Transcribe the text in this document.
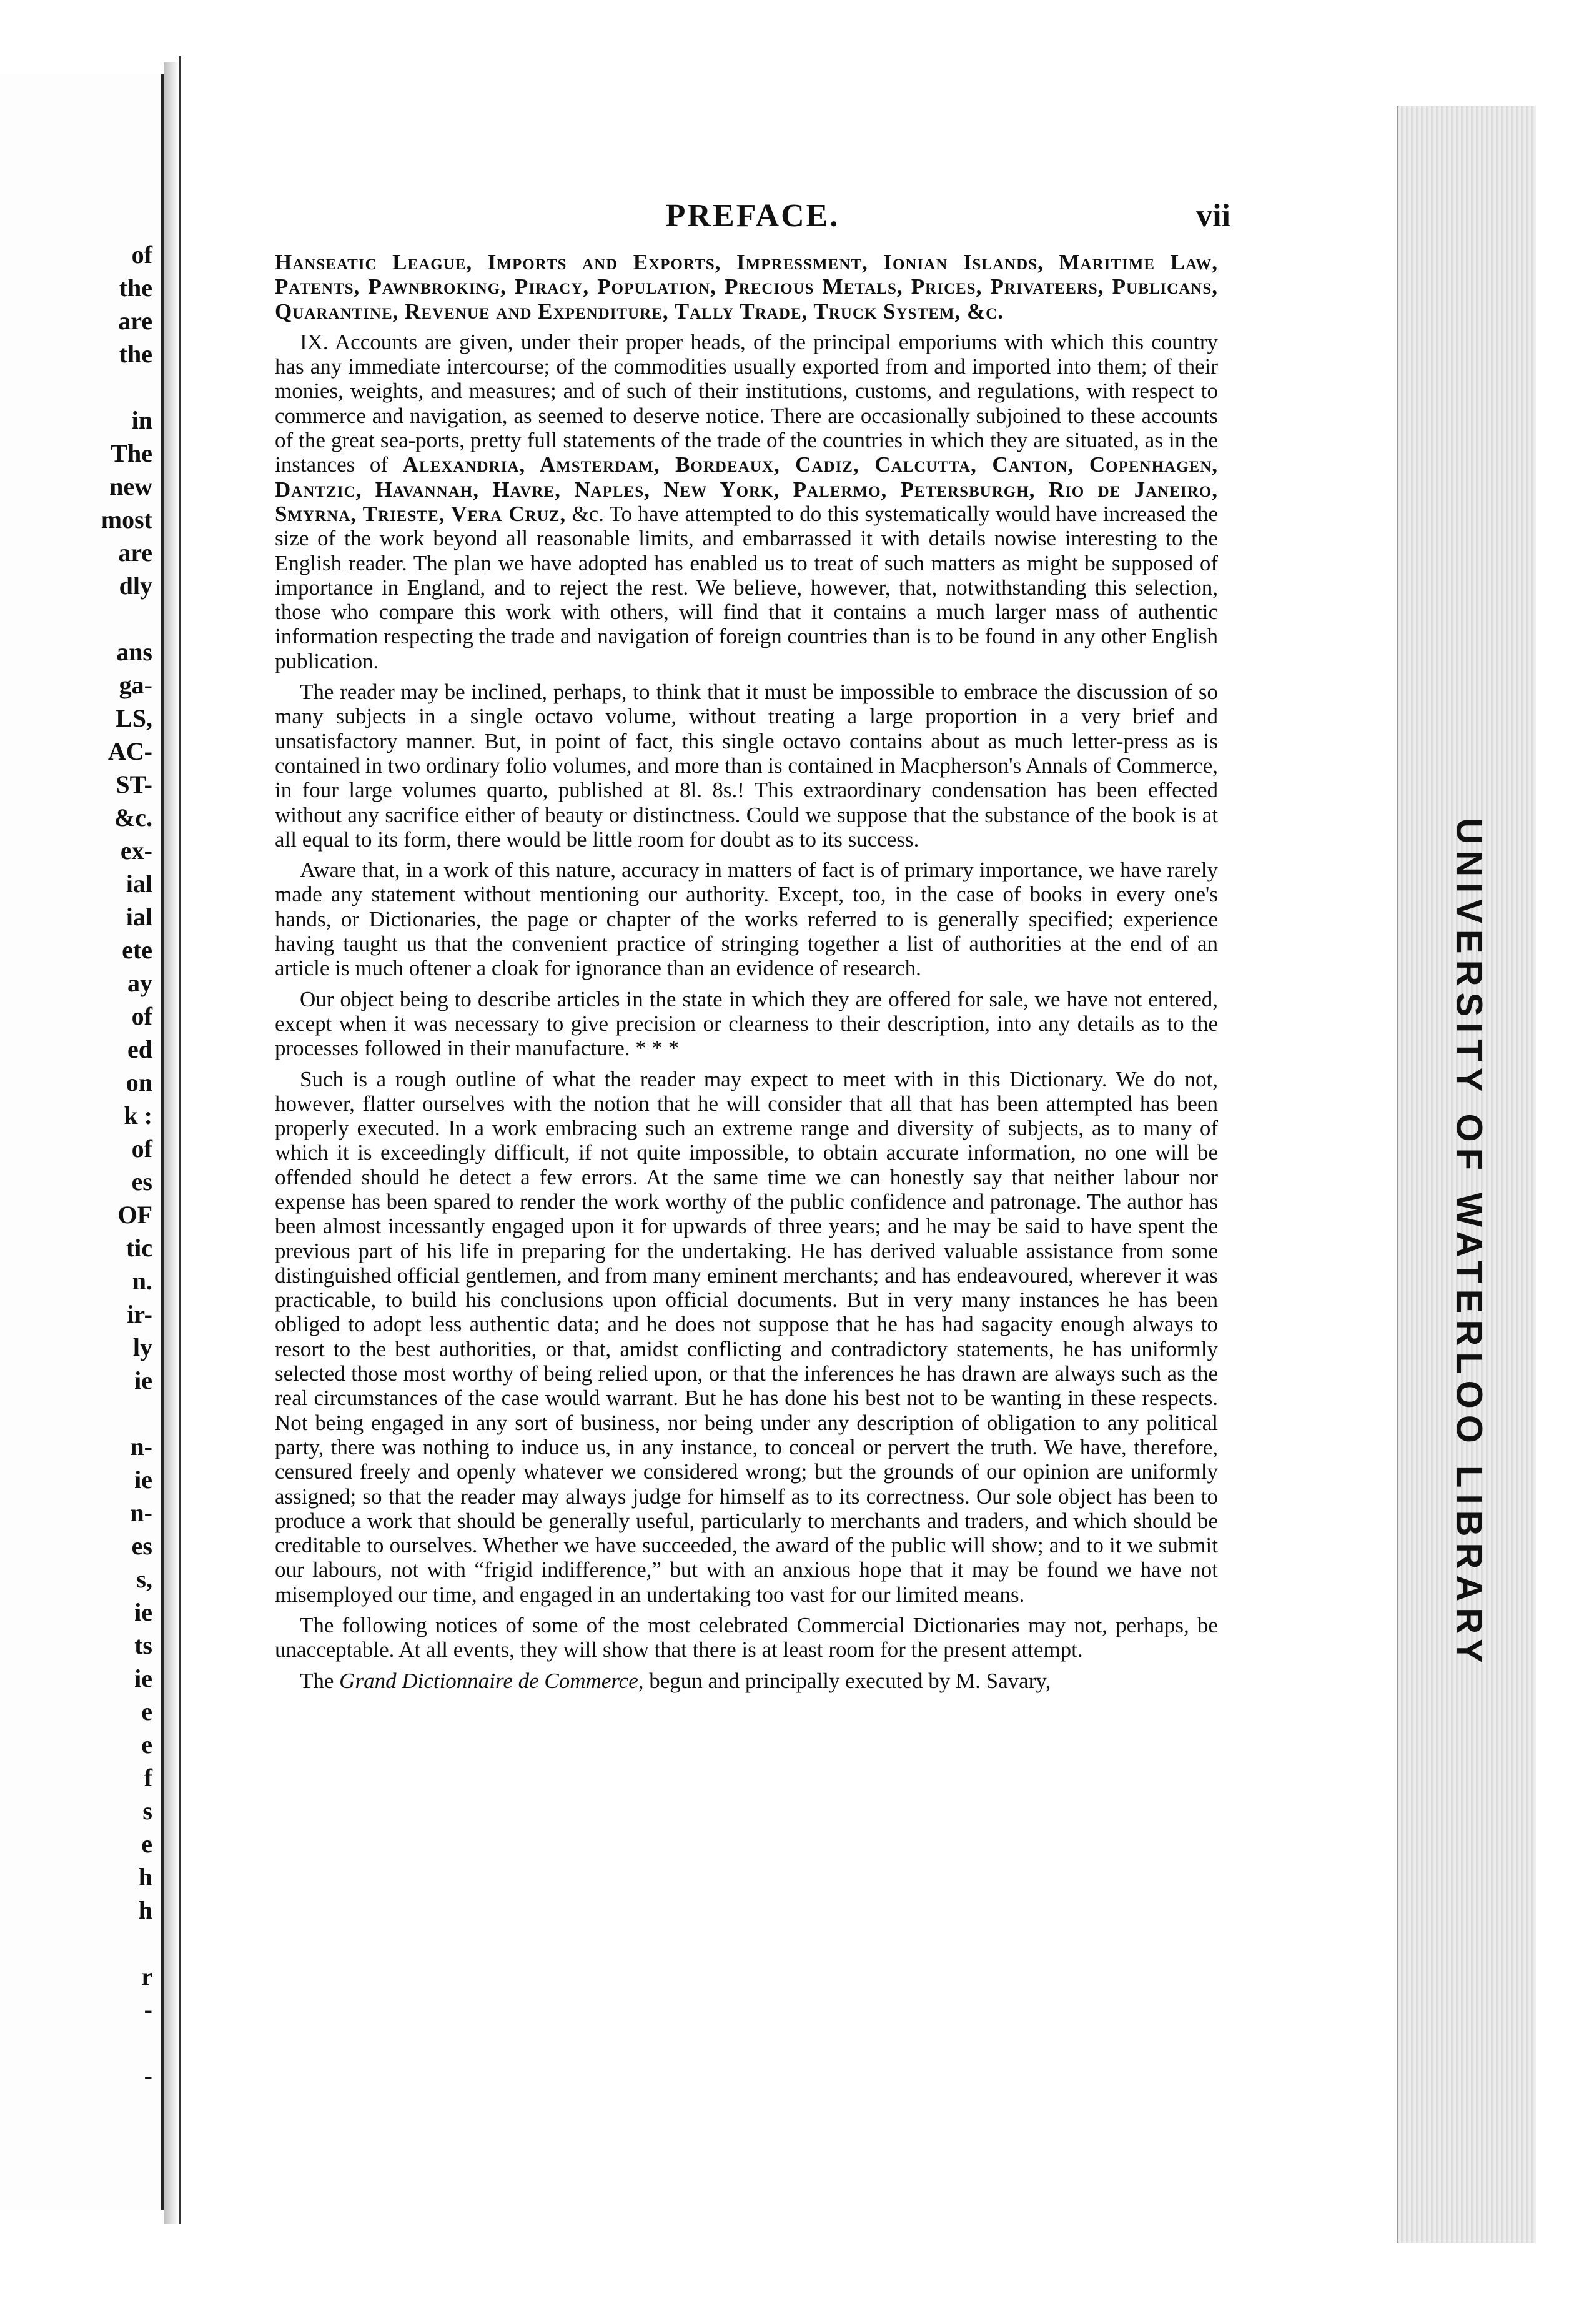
of
the
are
the
in
The
new
most
are
dly
ans
ga-
LS,
AC-
ST-
&c.
ex-
ial
ial
ete
ay
of
ed
on
k :
of
es
OF
tic
n.
ir-
ly
ie
n-
ie
n-
es
s,
ie
ts
ie
e
e
f
s
e
h
h
r
-
-
UNIVERSITY OF WATERLOO LIBRARY
PREFACE.	vii

Hanseatic League, Imports and Exports, Impressment, Ionian Islands, Maritime Law, Patents, Pawnbroking, Piracy, Population, Precious Metals, Prices, Privateers, Publicans, Quarantine, Revenue and Expenditure, Tally Trade, Truck System, &c.

IX. Accounts are given, under their proper heads, of the principal emporiums with which this country has any immediate intercourse; of the commodities usually exported from and imported into them; of their monies, weights, and measures; and of such of their institutions, customs, and regulations, with respect to commerce and navigation, as seemed to deserve notice. There are occasionally subjoined to these accounts of the great sea-ports, pretty full statements of the trade of the countries in which they are situated, as in the instances of Alexandria, Amsterdam, Bordeaux, Cadiz, Calcutta, Canton, Copenhagen, Dantzic, Havannah, Havre, Naples, New York, Palermo, Petersburgh, Rio de Janeiro, Smyrna, Trieste, Vera Cruz, &c. To have attempted to do this systematically would have increased the size of the work beyond all reasonable limits, and embarrassed it with details nowise interesting to the English reader. The plan we have adopted has enabled us to treat of such matters as might be supposed of importance in England, and to reject the rest. We believe, however, that, notwithstanding this selection, those who compare this work with others, will find that it contains a much larger mass of authentic information respecting the trade and navigation of foreign countries than is to be found in any other English publication.

The reader may be inclined, perhaps, to think that it must be impossible to embrace the discussion of so many subjects in a single octavo volume, without treating a large proportion in a very brief and unsatisfactory manner. But, in point of fact, this single octavo contains about as much letter-press as is contained in two ordinary folio volumes, and more than is contained in Macpherson's Annals of Commerce, in four large volumes quarto, published at 8l. 8s.! This extraordinary condensation has been effected without any sacrifice either of beauty or distinctness. Could we suppose that the substance of the book is at all equal to its form, there would be little room for doubt as to its success.

Aware that, in a work of this nature, accuracy in matters of fact is of primary importance, we have rarely made any statement without mentioning our authority. Except, too, in the case of books in every one's hands, or Dictionaries, the page or chapter of the works referred to is generally specified; experience having taught us that the convenient practice of stringing together a list of authorities at the end of an article is much oftener a cloak for ignorance than an evidence of research.

Our object being to describe articles in the state in which they are offered for sale, we have not entered, except when it was necessary to give precision or clearness to their description, into any details as to the processes followed in their manufacture. * * *

Such is a rough outline of what the reader may expect to meet with in this Dictionary. We do not, however, flatter ourselves with the notion that he will consider that all that has been attempted has been properly executed. In a work embracing such an extreme range and diversity of subjects, as to many of which it is exceedingly difficult, if not quite impossible, to obtain accurate information, no one will be offended should he detect a few errors. At the same time we can honestly say that neither labour nor expense has been spared to render the work worthy of the public confidence and patronage. The author has been almost incessantly engaged upon it for upwards of three years; and he may be said to have spent the previous part of his life in preparing for the undertaking. He has derived valuable assistance from some distinguished official gentlemen, and from many eminent merchants; and has endeavoured, wherever it was practicable, to build his conclusions upon official documents. But in very many instances he has been obliged to adopt less authentic data; and he does not suppose that he has had sagacity enough always to resort to the best authorities, or that, amidst conflicting and contradictory statements, he has uniformly selected those most worthy of being relied upon, or that the inferences he has drawn are always such as the real circumstances of the case would warrant. But he has done his best not to be wanting in these respects. Not being engaged in any sort of business, nor being under any description of obligation to any political party, there was nothing to induce us, in any instance, to conceal or pervert the truth. We have, therefore, censured freely and openly whatever we considered wrong; but the grounds of our opinion are uniformly assigned; so that the reader may always judge for himself as to its correctness. Our sole object has been to produce a work that should be generally useful, particularly to merchants and traders, and which should be creditable to ourselves. Whether we have succeeded, the award of the public will show; and to it we submit our labours, not with “frigid indifference,” but with an anxious hope that it may be found we have not misemployed our time, and engaged in an undertaking too vast for our limited means.

The following notices of some of the most celebrated Commercial Dictionaries may not, perhaps, be unacceptable. At all events, they will show that there is at least room for the present attempt.

The Grand Dictionnaire de Commerce, begun and principally executed by M. Savary,
